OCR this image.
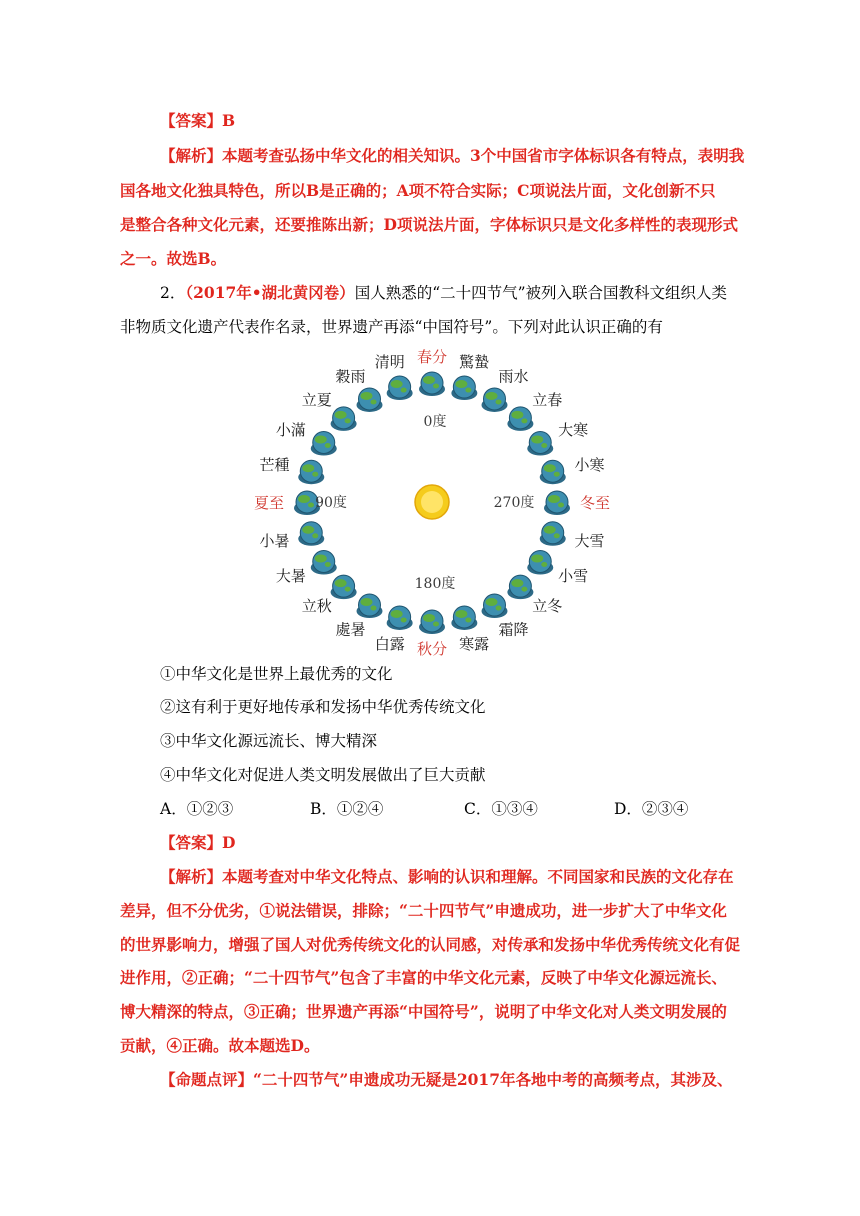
【答案】B
【解析】本题考查弘扬中华文化的相关知识。3个中国省市字体标识各有特点，表明我
国各地文化独具特色，所以B是正确的；A项不符合实际；C项说法片面，文化创新不只
是整合各种文化元素，还要推陈出新；D项说法片面，字体标识只是文化多样性的表现形式
之一。故选B。
2．（2017年•湖北黄冈卷）国人熟悉的“二十四节气”被列入联合国教科文组织人类
非物质文化遗产代表作名录，世界遗产再添“中国符号”。下列对此认识正确的有
春分
清明
穀雨
立夏
小滿
芒種
夏至
小暑
大暑
立秋
處暑
白露 秋分 寒露
霜降
立冬
小雪
大雪
冬至
小寒
大寒
立春
雨水
驚蟄
0度
90度
180度
270度
①中华文化是世界上最优秀的文化
②这有利于更好地传承和发扬中华优秀传统文化
③中华文化源远流长、博大精深
④中华文化对促进人类文明发展做出了巨大贡献
A．①②③	B．①②④	C．①③④	D．②③④
【答案】D
【解析】本题考查对中华文化特点、影响的认识和理解。不同国家和民族的文化存在
差异，但不分优劣，①说法错误，排除；“二十四节气”申遗成功，进一步扩大了中华文化
的世界影响力，增强了国人对优秀传统文化的认同感，对传承和发扬中华优秀传统文化有促
进作用，②正确；“二十四节气”包含了丰富的中华文化元素，反映了中华文化源远流长、
博大精深的特点，③正确；世界遗产再添“中国符号”，说明了中华文化对人类文明发展的
贡献，④正确。故本题选D。
【命题点评】“二十四节气”申遗成功无疑是2017年各地中考的高频考点，其涉及、
